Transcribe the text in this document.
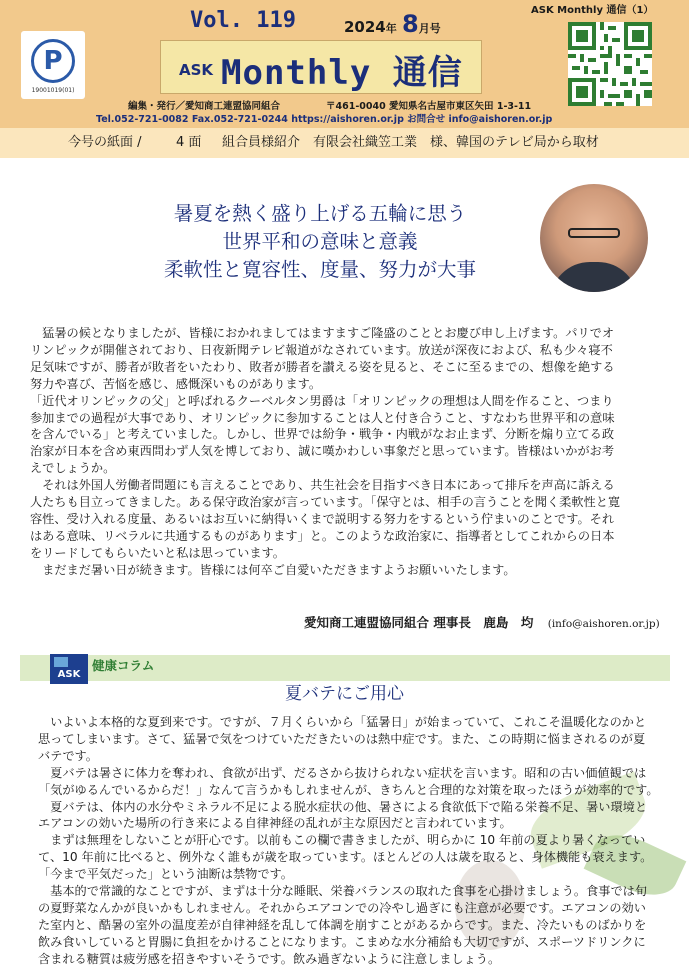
P
19001019(01)
Vol. 119	2024年 8月号
ASK Monthly 通信（1）
ASK Monthly 通信
編集・発行／愛知商工連盟協同組合	〒461-0040 愛知県名古屋市東区矢田 1-3-11
Tel.052-721-0082 Fax.052-721-0244 https://aishoren.or.jp お問合せ info@aishoren.or.jp
今号の紙面 /	4 面 組合員様紹介　有限会社織笠工業　様、韓国のテレビ局から取材
暑夏を熱く盛り上げる五輪に思う
世界平和の意味と意義
柔軟性と寛容性、度量、努力が大事
　猛暑の候となりましたが、皆様におかれましてはますますご隆盛のこととお慶び申し上げます。パリでオ
リンピックが開催されており、日夜新聞テレビ報道がなされています。放送が深夜におよび、私も少々寝不
足気味ですが、勝者が敗者をいたわり、敗者が勝者を讃える姿を見ると、そこに至るまでの、想像を絶する
努力や喜び、苦悩を感じ、感慨深いものがあります。
「近代オリンピックの父」と呼ばれるクーベルタン男爵は「オリンピックの理想は人間を作ること、つまり
参加までの過程が大事であり、オリンピックに参加することは人と付き合うこと、すなわち世界平和の意味
を含んでいる」と考えていました。しかし、世界では紛争・戦争・内戦がなお止まず、分断を煽り立てる政
治家が日本を含め東西問わず人気を博しており、誠に嘆かわしい事象だと思っています。皆様はいかがお考
えでしょうか。
　それは外国人労働者問題にも言えることであり、共生社会を目指すべき日本にあって排斥を声高に訴える
人たちも目立ってきました。ある保守政治家が言っています。「保守とは、相手の言うことを聞く柔軟性と寛
容性、受け入れる度量、あるいはお互いに納得いくまで説明する努力をするという佇まいのことです。それ
はある意味、リベラルに共通するものがあります」と。このような政治家に、指導者としてこれからの日本
をリードしてもらいたいと私は思っています。
　まだまだ暑い日が続きます。皆様には何卒ご自愛いただきますようお願いいたします。
愛知商工連盟協同組合 理事長　鹿島　均 (info@aishoren.or.jp)
ASK
健康コラム
夏バテにご用心
　いよいよ本格的な夏到来です。ですが、７月くらいから「猛暑日」が始まっていて、これこそ温暖化なのかと
思ってしまいます。さて、猛暑で気をつけていただきたいのは熱中症です。また、この時期に悩まされるのが夏
バテです。
　夏バテは暑さに体力を奪われ、食欲が出ず、だるさから抜けられない症状を言います。昭和の古い価値観では
「気がゆるんでいるからだ！」なんて言うかもしれませんが、きちんと合理的な対策を取ったほうが効率的です。
　夏バテは、体内の水分やミネラル不足による脱水症状の他、暑さによる食欲低下で陥る栄養不足、暑い環境と
エアコンの効いた場所の行き来による自律神経の乱れが主な原因だと言われています。
　まずは無理をしないことが肝心です。以前もこの欄で書きましたが、明らかに 10 年前の夏より暑くなってい
て、10 年前に比べると、例外なく誰もが歳を取っています。ほとんどの人は歳を取ると、身体機能も衰えます。
「今まで平気だった」という油断は禁物です。
　基本的で常識的なことですが、まずは十分な睡眠、栄養バランスの取れた食事を心掛けましょう。食事では旬
の夏野菜なんかが良いかもしれません。それからエアコンでの冷やし過ぎにも注意が必要です。エアコンの効い
た室内と、酷暑の室外の温度差が自律神経を乱して体調を崩すことがあるからです。また、冷たいものばかりを
飲み食いしていると胃腸に負担をかけることになります。こまめな水分補給も大切ですが、スポーツドリンクに
含まれる糖質は疲労感を招きやすいそうです。飲み過ぎないように注意しましょう。
